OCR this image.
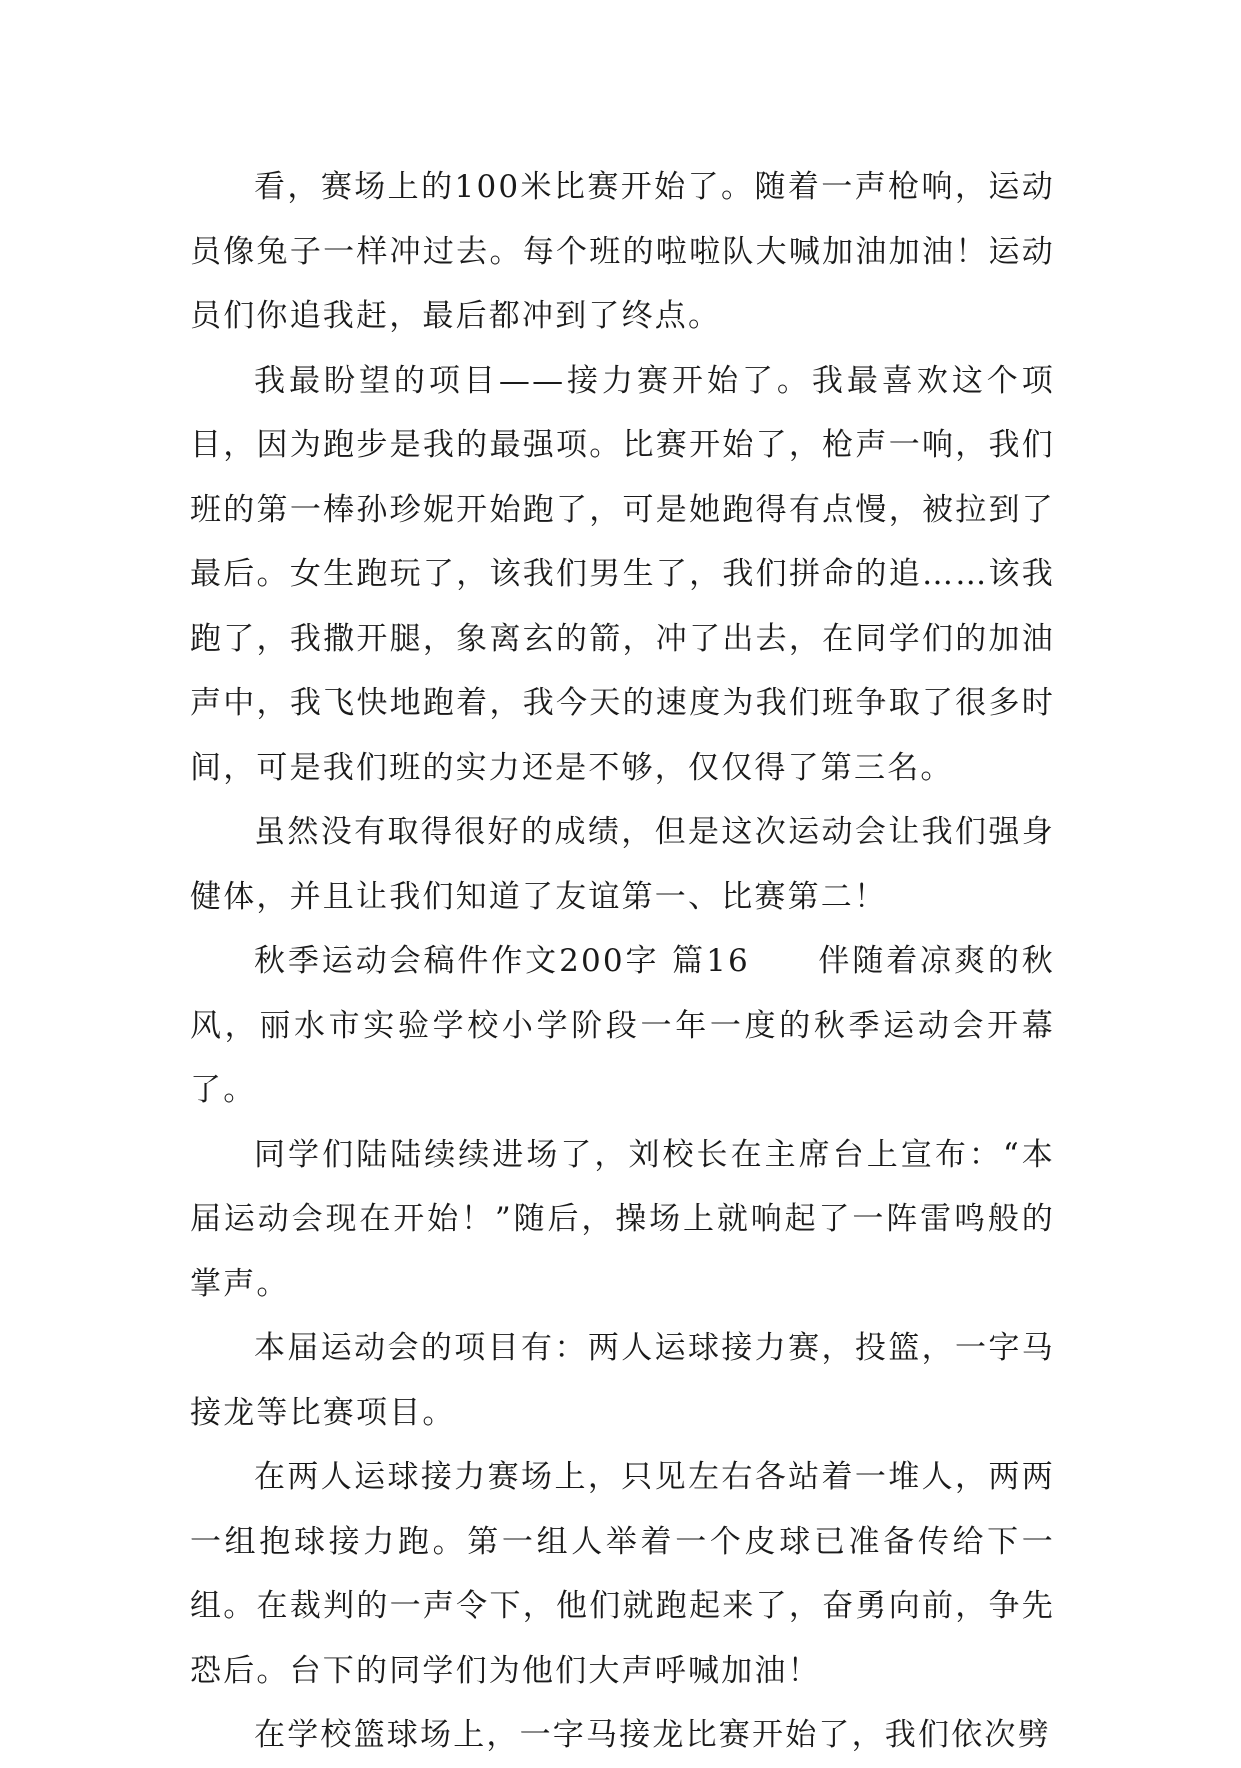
看，赛场上的100米比赛开始了。随着一声枪响，运动员像兔子一样冲过去。每个班的啦啦队大喊加油加油！运动员们你追我赶，最后都冲到了终点。

我最盼望的项目——接力赛开始了。我最喜欢这个项目，因为跑步是我的最强项。比赛开始了，枪声一响，我们班的第一棒孙珍妮开始跑了，可是她跑得有点慢，被拉到了最后。女生跑玩了，该我们男生了，我们拼命的追……该我跑了，我撒开腿，象离玄的箭，冲了出去，在同学们的加油声中，我飞快地跑着，我今天的速度为我们班争取了很多时间，可是我们班的实力还是不够，仅仅得了第三名。

虽然没有取得很好的成绩，但是这次运动会让我们强身健体，并且让我们知道了友谊第一、比赛第二！

秋季运动会稿件作文200字 篇16　　伴随着凉爽的秋风，丽水市实验学校小学阶段一年一度的秋季运动会开幕了。

同学们陆陆续续进场了，刘校长在主席台上宣布：“本届运动会现在开始！”随后，操场上就响起了一阵雷鸣般的掌声。

本届运动会的项目有：两人运球接力赛，投篮，一字马接龙等比赛项目。

在两人运球接力赛场上，只见左右各站着一堆人，两两一组抱球接力跑。第一组人举着一个皮球已准备传给下一组。在裁判的一声令下，他们就跑起来了，奋勇向前，争先恐后。台下的同学们为他们大声呼喊加油！

在学校篮球场上，一字马接龙比赛开始了，我们依次劈
